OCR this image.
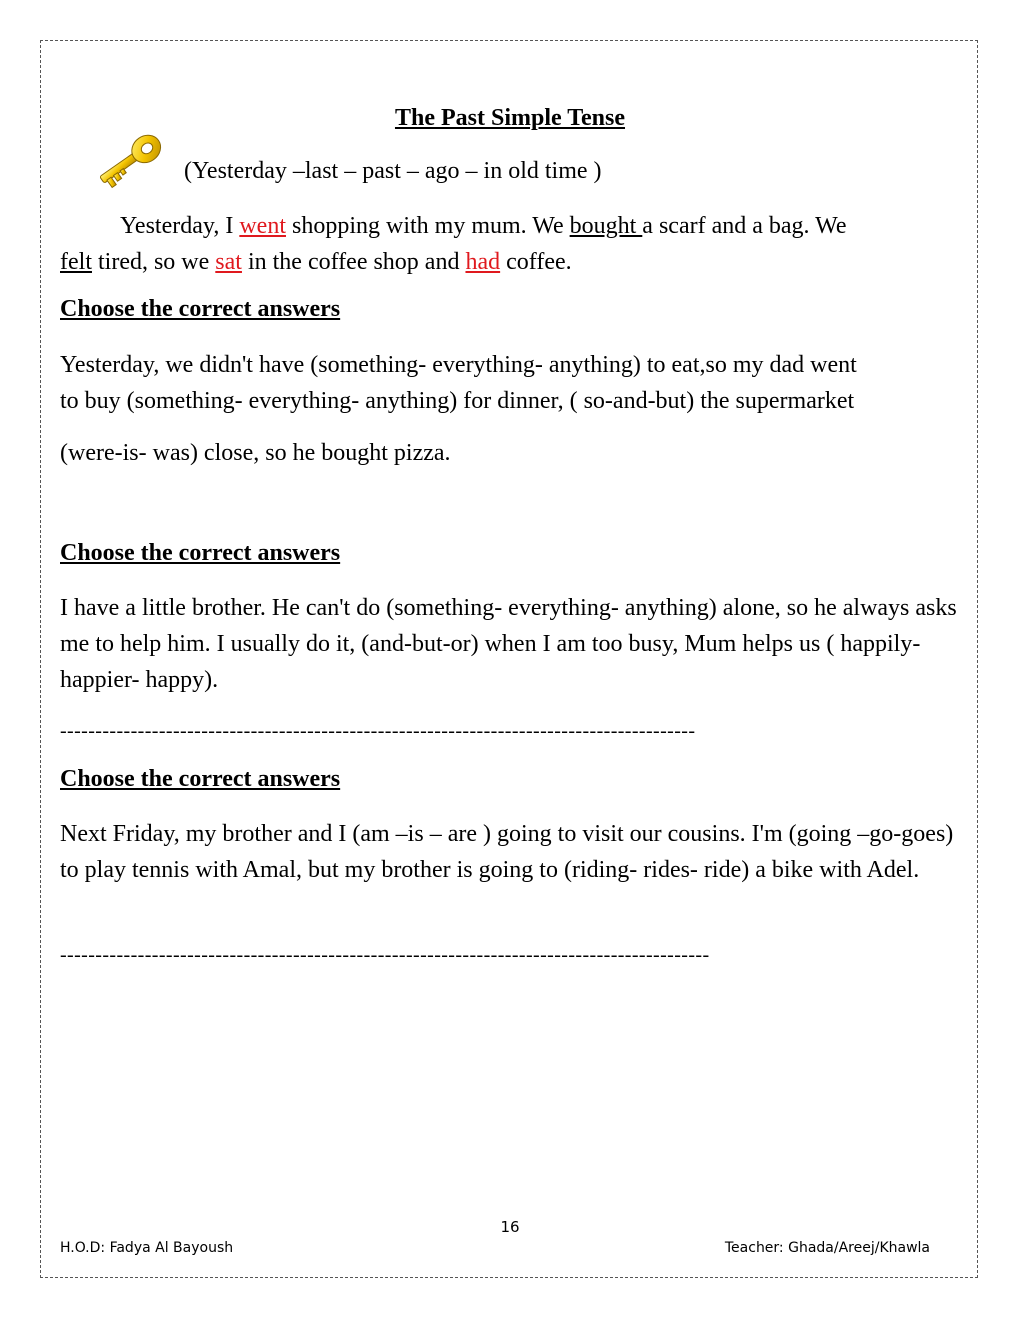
The Past Simple Tense
(Yesterday –last – past – ago – in old time )
Yesterday, I went shopping with my mum. We bought a scarf and a bag. We
felt tired, so we sat in the coffee shop and had coffee.
Choose the correct answers
Yesterday, we didn't have (something- everything- anything) to eat,so my dad went
to buy (something- everything- anything) for dinner, ( so-and-but) the supermarket
(were-is- was) close, so he bought pizza.
Choose the correct answers
I have a little brother. He can't do (something- everything- anything) alone, so he always asks me to help him. I usually do it, (and-but-or) when I am too busy, Mum helps us ( happily- happier- happy).
------------------------------------------------------------------------------------------
Choose the correct answers
Next Friday, my brother and I (am –is – are ) going to visit our cousins. I'm (going –go-goes) to play tennis with Amal, but my brother is going to (riding- rides- ride) a bike with Adel.
--------------------------------------------------------------------------------------------
16
H.O.D: Fadya Al Bayoush	Teacher: Ghada/Areej/Khawla
